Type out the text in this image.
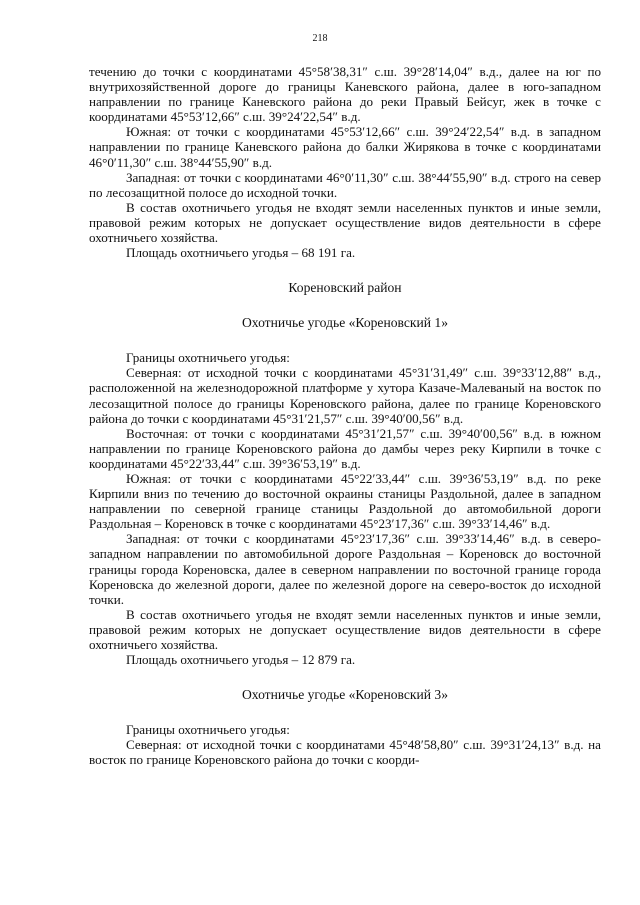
218

течению до точки с координатами 45°58′38,31″ с.ш. 39°28′14,04″ в.д., далее на юг по внутрихозяйственной дороге до границы Каневского района, далее в юго-западном направлении по границе Каневского района до реки Правый Бейсуг, жек в точке с координатами 45°53′12,66″ с.ш. 39°24′22,54″ в.д.

Южная: от точки с координатами 45°53′12,66″ с.ш. 39°24′22,54″ в.д. в западном направлении по границе Каневского района до балки Жирякова в точке с координатами 46°0′11,30″ с.ш. 38°44′55,90″ в.д.

Западная: от точки с координатами 46°0′11,30″ с.ш. 38°44′55,90″ в.д. строго на север по лесозащитной полосе до исходной точки.

В состав охотничьего угодья не входят земли населенных пунктов и иные земли, правовой режим которых не допускает осуществление видов деятельности в сфере охотничьего хозяйства.

Площадь охотничьего угодья – 68 191 га.

Кореновский район
Охотничье угодье «Кореновский 1»

Границы охотничьего угодья:

Северная: от исходной точки с координатами 45°31′31,49″ с.ш. 39°33′12,88″ в.д., расположенной на железнодорожной платформе у хутора Казаче-Малеваный на восток по лесозащитной полосе до границы Кореновского района, далее по границе Кореновского района до точки с координатами 45°31′21,57″ с.ш. 39°40′00,56″ в.д.

Восточная: от точки с координатами 45°31′21,57″ с.ш. 39°40′00,56″ в.д. в южном направлении по границе Кореновского района до дамбы через реку Кирпили в точке с координатами 45°22′33,44″ с.ш. 39°36′53,19″ в.д.

Южная: от точки с координатами 45°22′33,44″ с.ш. 39°36′53,19″ в.д. по реке Кирпили вниз по течению до восточной окраины станицы Раздольной, далее в западном направлении по северной границе станицы Раздольной до автомобильной дороги Раздольная – Кореновск в точке с координатами 45°23′17,36″ с.ш. 39°33′14,46″ в.д.

Западная: от точки с координатами 45°23′17,36″ с.ш. 39°33′14,46″ в.д. в северо-западном направлении по автомобильной дороге Раздольная – Кореновск до восточной границы города Кореновска, далее в северном направлении по восточной границе города Кореновска до железной дороги, далее по железной дороге на северо-восток до исходной точки.

В состав охотничьего угодья не входят земли населенных пунктов и иные земли, правовой режим которых не допускает осуществление видов деятельности в сфере охотничьего хозяйства.

Площадь охотничьего угодья – 12 879 га.

Охотничье угодье «Кореновский 3»

Границы охотничьего угодья:

Северная: от исходной точки с координатами 45°48′58,80″ с.ш. 39°31′24,13″ в.д. на восток по границе Кореновского района до точки с коорди-
